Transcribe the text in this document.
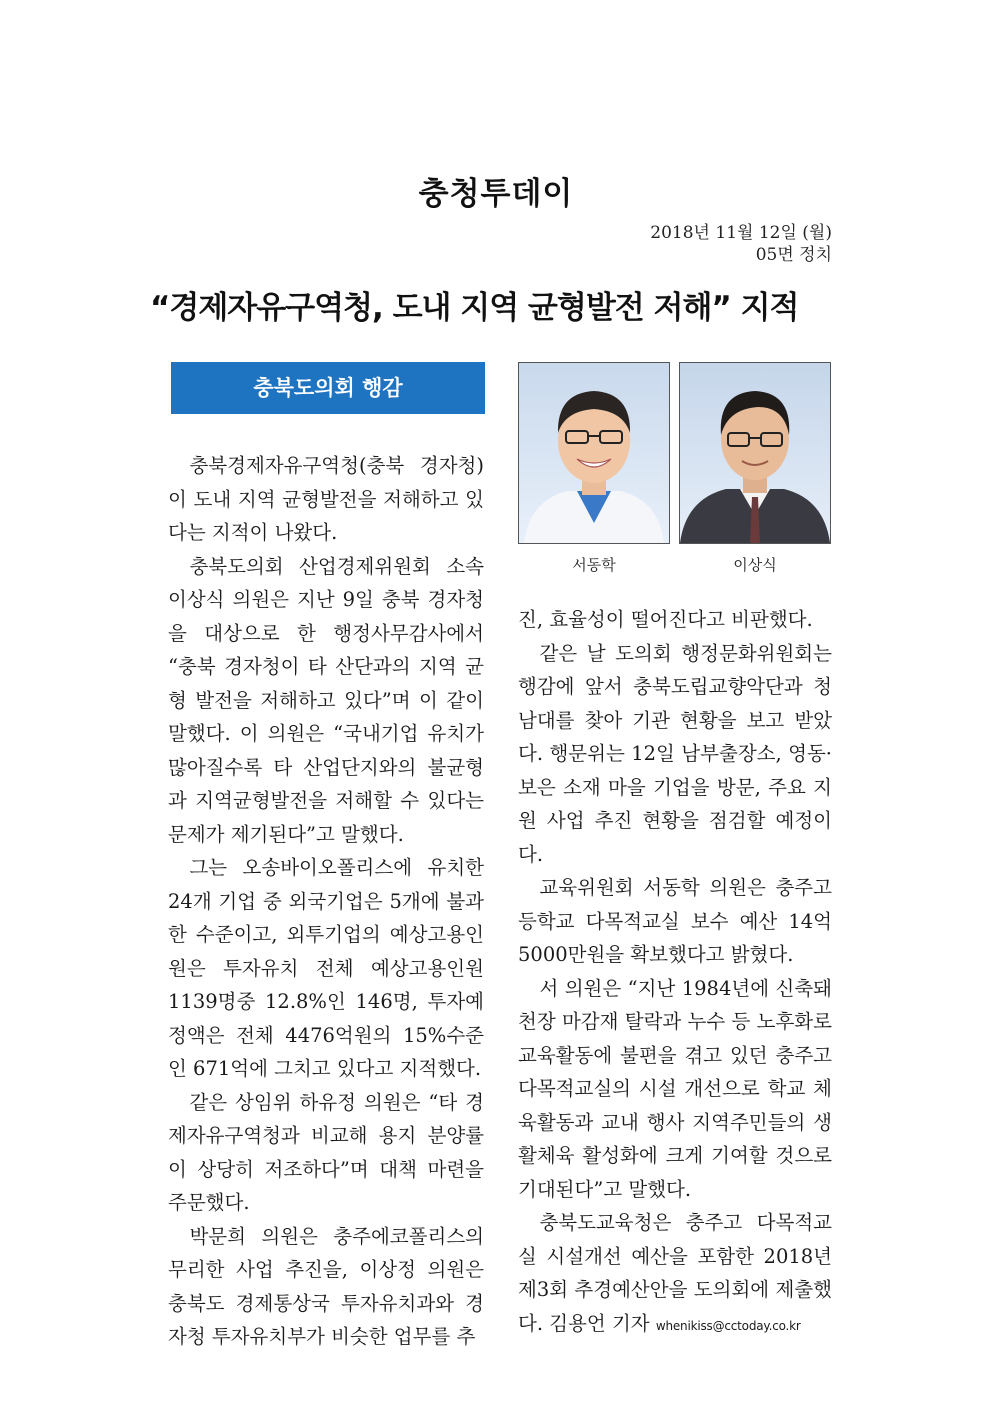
충청투데이
2018년 11월 12일 (월)
05면 정치
“경제자유구역청, 도내 지역 균형발전 저해” 지적
충북도의회 행감
서동학	이상식

충북경제자유구역청(충북 경자청)이 도내 지역 균형발전을 저해하고 있다는 지적이 나왔다.

충북도의회 산업경제위원회 소속 이상식 의원은 지난 9일 충북 경자청을 대상으로 한 행정사무감사에서 “충북 경자청이 타 산단과의 지역 균형 발전을 저해하고 있다”며 이 같이 말했다. 이 의원은 “국내기업 유치가 많아질수록 타 산업단지와의 불균형과 지역균형발전을 저해할 수 있다는 문제가 제기된다”고 말했다.

그는 오송바이오폴리스에 유치한 24개 기업 중 외국기업은 5개에 불과한 수준이고, 외투기업의 예상고용인원은 투자유치 전체 예상고용인원 1139명중 12.8%인 146명, 투자예정액은 전체 4476억원의 15%수준인 671억에 그치고 있다고 지적했다.

같은 상임위 하유정 의원은 “타 경제자유구역청과 비교해 용지 분양률이 상당히 저조하다”며 대책 마련을 주문했다.

박문희 의원은 충주에코폴리스의 무리한 사업 추진을, 이상정 의원은 충북도 경제통상국 투자유치과와 경자청 투자유치부가 비슷한 업무를 추

진, 효율성이 떨어진다고 비판했다.

같은 날 도의회 행정문화위원회는 행감에 앞서 충북도립교향악단과 청남대를 찾아 기관 현황을 보고 받았다. 행문위는 12일 남부출장소, 영동·보은 소재 마을 기업을 방문, 주요 지원 사업 추진 현황을 점검할 예정이다.

교육위원회 서동학 의원은 충주고등학교 다목적교실 보수 예산 14억 5000만원을 확보했다고 밝혔다.

서 의원은 “지난 1984년에 신축돼 천장 마감재 탈락과 누수 등 노후화로 교육활동에 불편을 겪고 있던 충주고 다목적교실의 시설 개선으로 학교 체육활동과 교내 행사 지역주민들의 생활체육 활성화에 크게 기여할 것으로 기대된다”고 말했다.

충북도교육청은 충주고 다목적교실 시설개선 예산을 포함한 2018년 제3회 추경예산안을 도의회에 제출했다. 김용언 기자 whenikiss@cctoday.co.kr
